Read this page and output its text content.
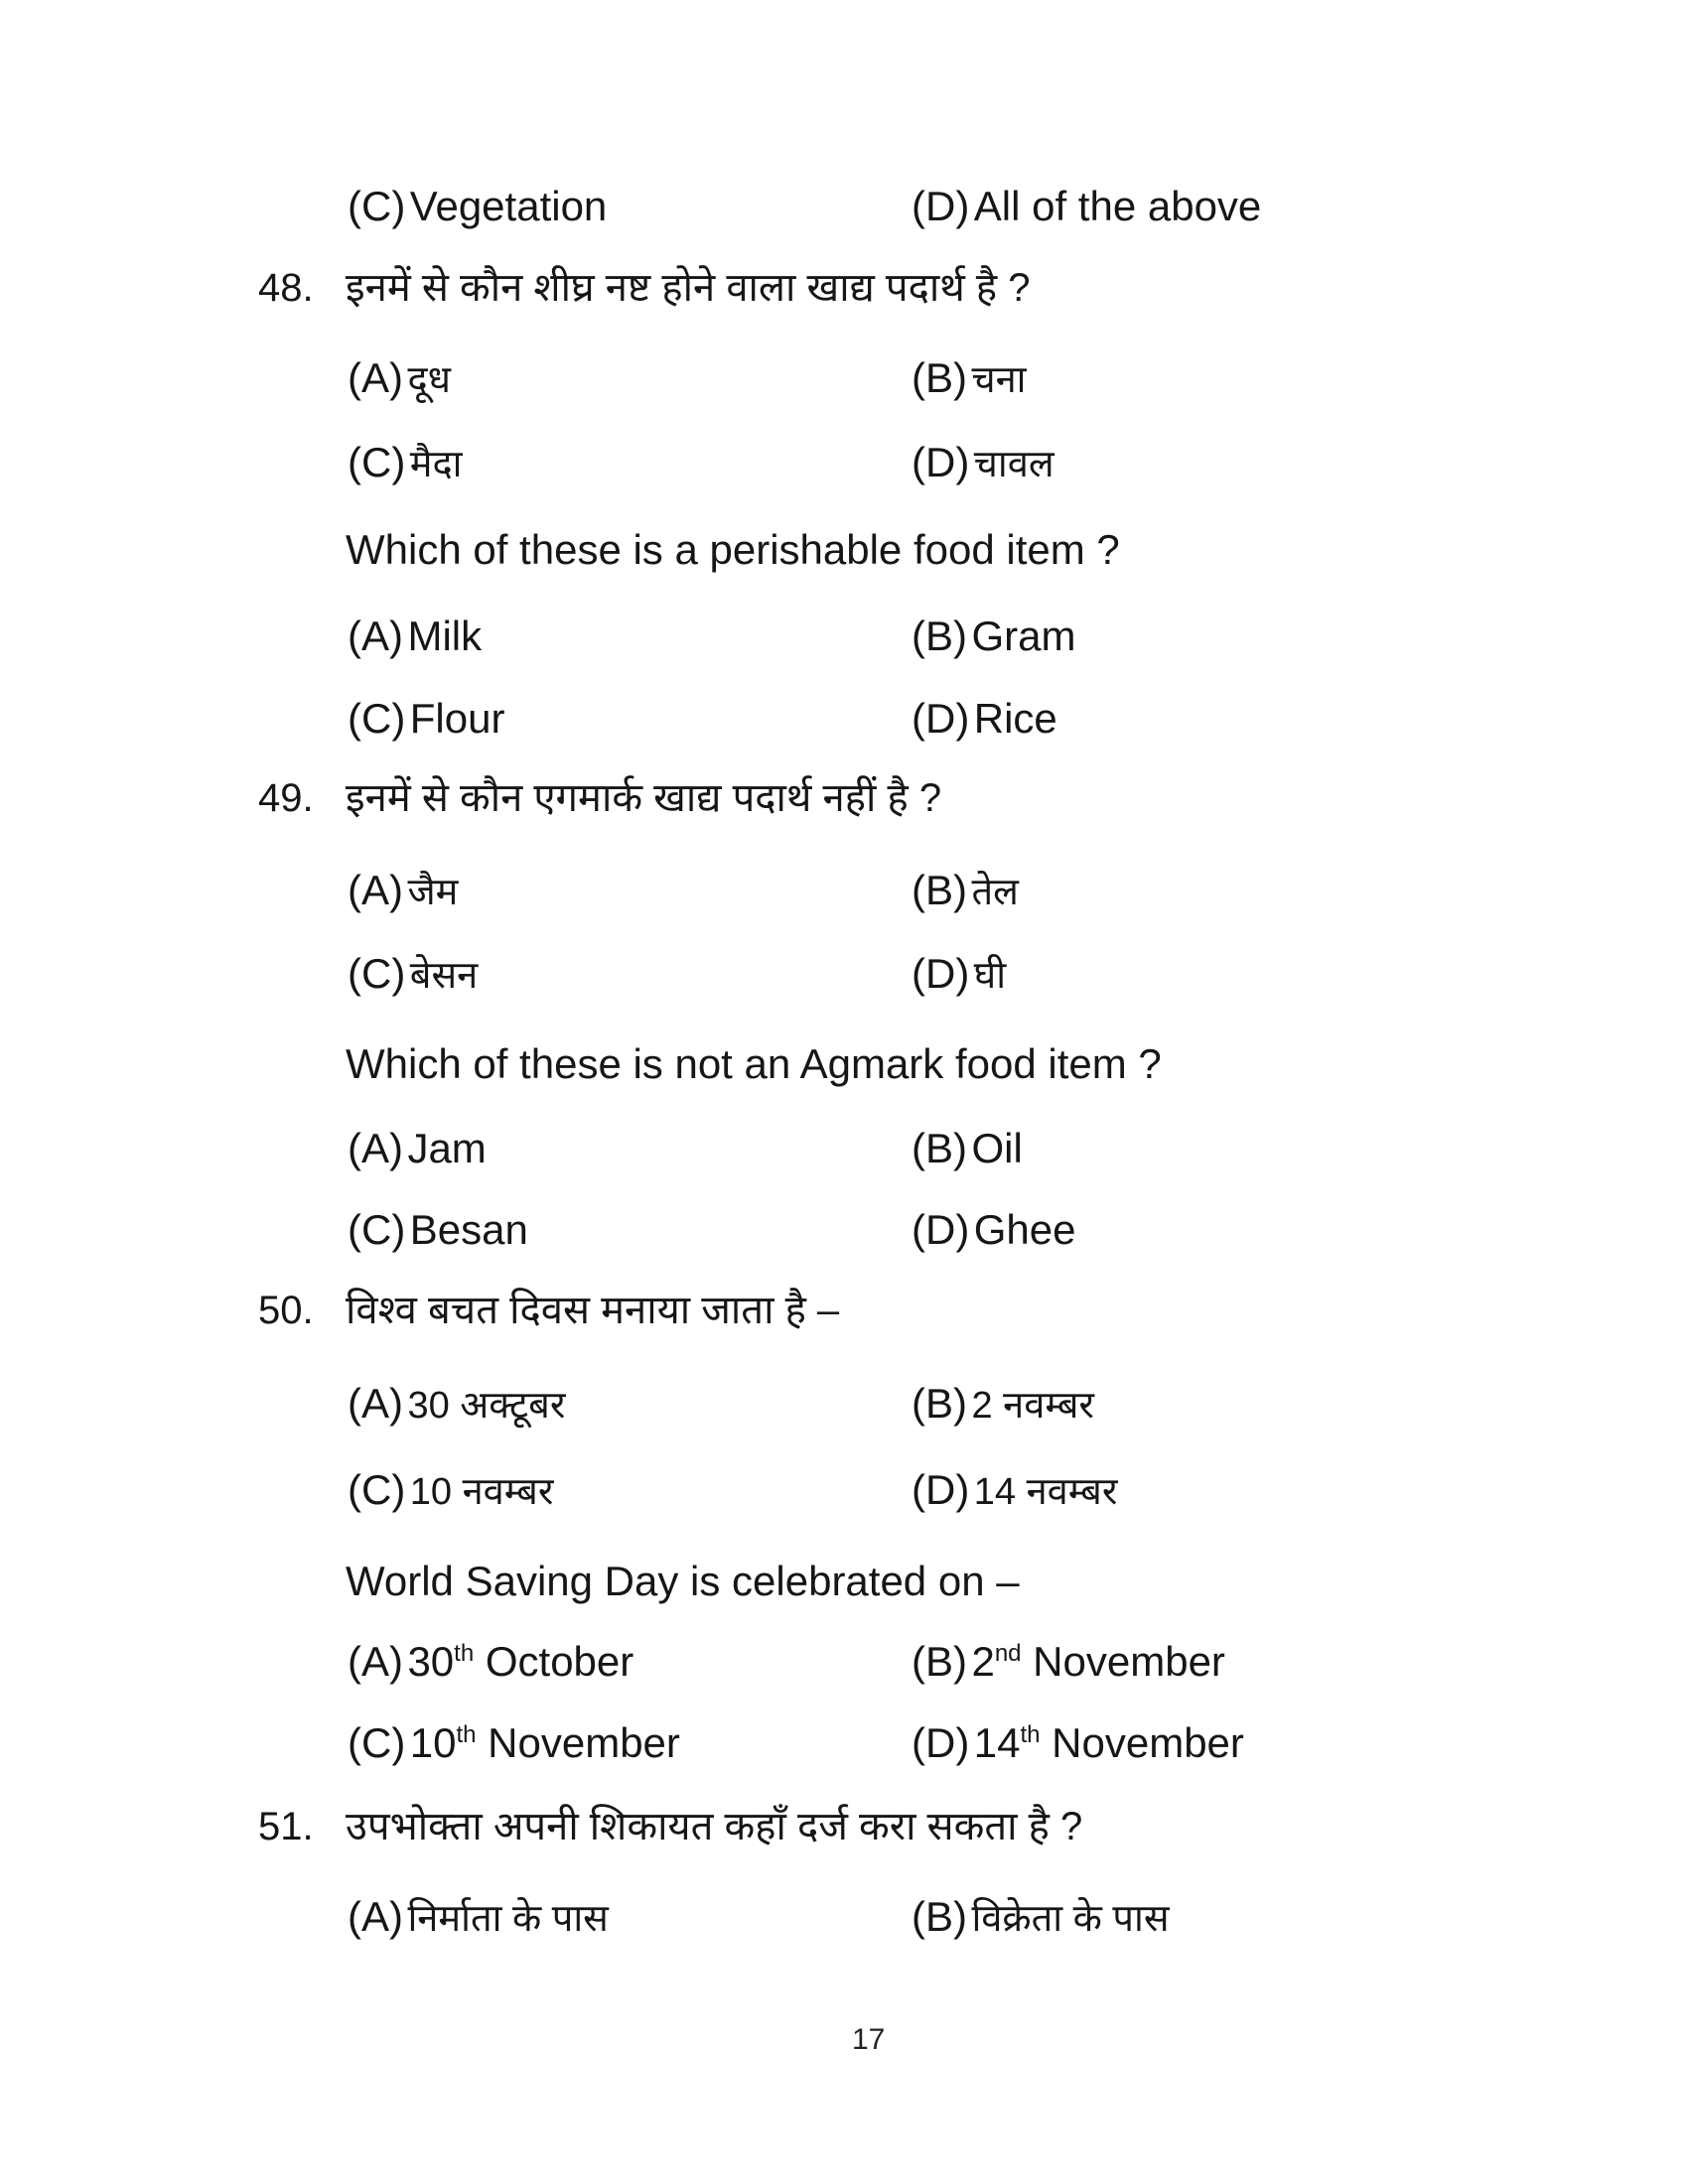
(C) Vegetation	(D) All of the above
48. इनमें से कौन शीघ्र नष्ट होने वाला खाद्य पदार्थ है ?
(A) दूध	(B) चना
(C) मैदा	(D) चावल
Which of these is a perishable food item ?
(A) Milk	(B) Gram
(C) Flour	(D) Rice
49. इनमें से कौन एगमार्क खाद्य पदार्थ नहीं है ?
(A) जैम	(B) तेल
(C) बेसन	(D) घी
Which of these is not an Agmark food item ?
(A) Jam	(B) Oil
(C) Besan	(D) Ghee
50. विश्व बचत दिवस मनाया जाता है –
(A) 30 अक्टूबर	(B) 2 नवम्बर
(C) 10 नवम्बर	(D) 14 नवम्बर
World Saving Day is celebrated on –
(A) 30th October	(B) 2nd November
(C) 10th November	(D) 14th November
51. उपभोक्ता अपनी शिकायत कहाँ दर्ज करा सकता है ?
(A) निर्माता के पास	(B) विक्रेता के पास
17
